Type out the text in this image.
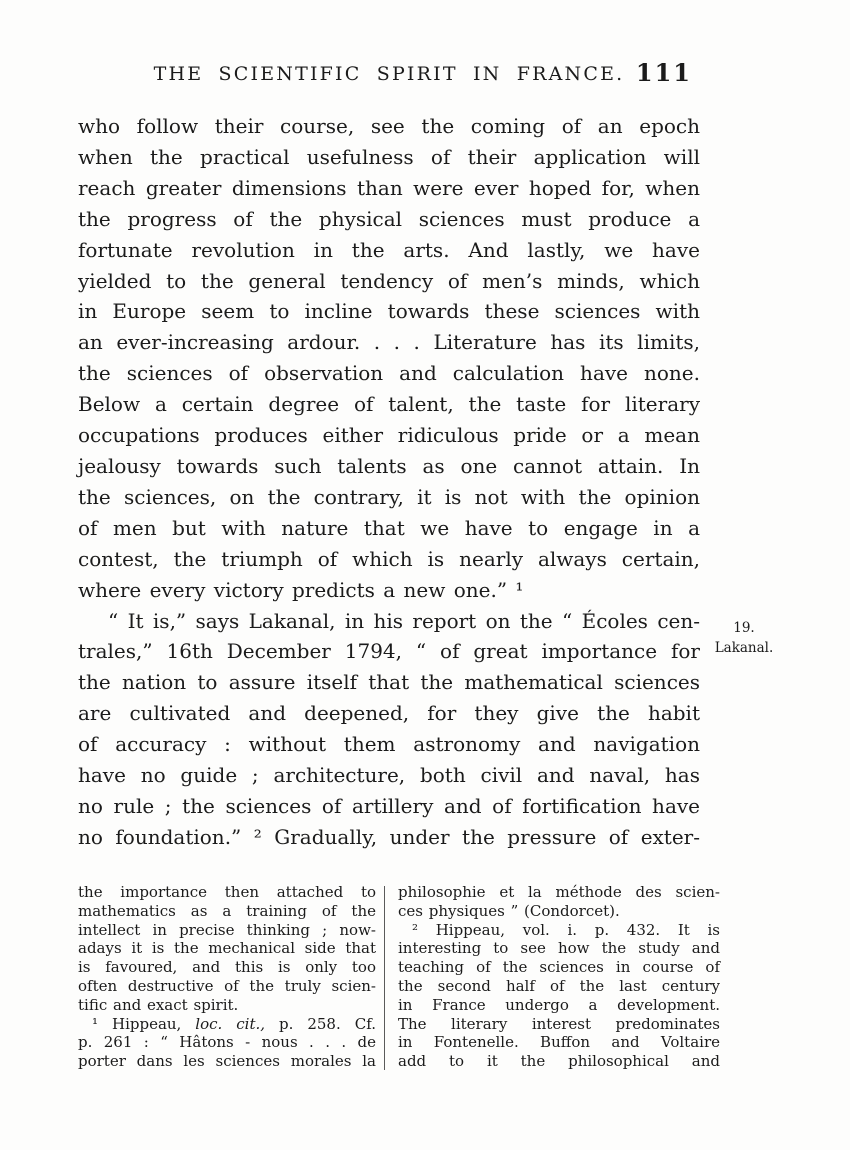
THE SCIENTIFIC SPIRIT IN FRANCE. 111
who follow their course, see the coming of an epoch
when the practical usefulness of their application will
reach greater dimensions than were ever hoped for, when
the progress of the physical sciences must produce a
fortunate revolution in the arts. And lastly, we have
yielded to the general tendency of men’s minds, which
in Europe seem to incline towards these sciences with
an ever-increasing ardour. . . . Literature has its limits,
the sciences of observation and calculation have none.
Below a certain degree of talent, the taste for literary
occupations produces either ridiculous pride or a mean
jealousy towards such talents as one cannot attain. In
the sciences, on the contrary, it is not with the opinion
of men but with nature that we have to engage in a
contest, the triumph of which is nearly always certain,
where every victory predicts a new one.” ¹
“ It is,” says Lakanal, in his report on the “ Écoles cen-
trales,” 16th December 1794, “ of great importance for
the nation to assure itself that the mathematical sciences
are cultivated and deepened, for they give the habit
of accuracy : without them astronomy and navigation
have no guide ; architecture, both civil and naval, has
no rule ; the sciences of artillery and of fortification have
no foundation.” ² Gradually, under the pressure of exter-
19.
Lakanal.
the importance then attached to
mathematics as a training of the
intellect in precise thinking ; now-
adays it is the mechanical side that
is favoured, and this is only too
often destructive of the truly scien-
tific and exact spirit.
¹ Hippeau, loc. cit., p. 258. Cf.
p. 261 : “ Hâtons - nous . . . de
porter dans les sciences morales la
philosophie et la méthode des scien-
ces physiques ” (Condorcet).
² Hippeau, vol. i. p. 432. It is
interesting to see how the study and
teaching of the sciences in course of
the second half of the last century
in France undergo a development.
The literary interest predominates
in Fontenelle. Buffon and Voltaire
add to it the philosophical and
